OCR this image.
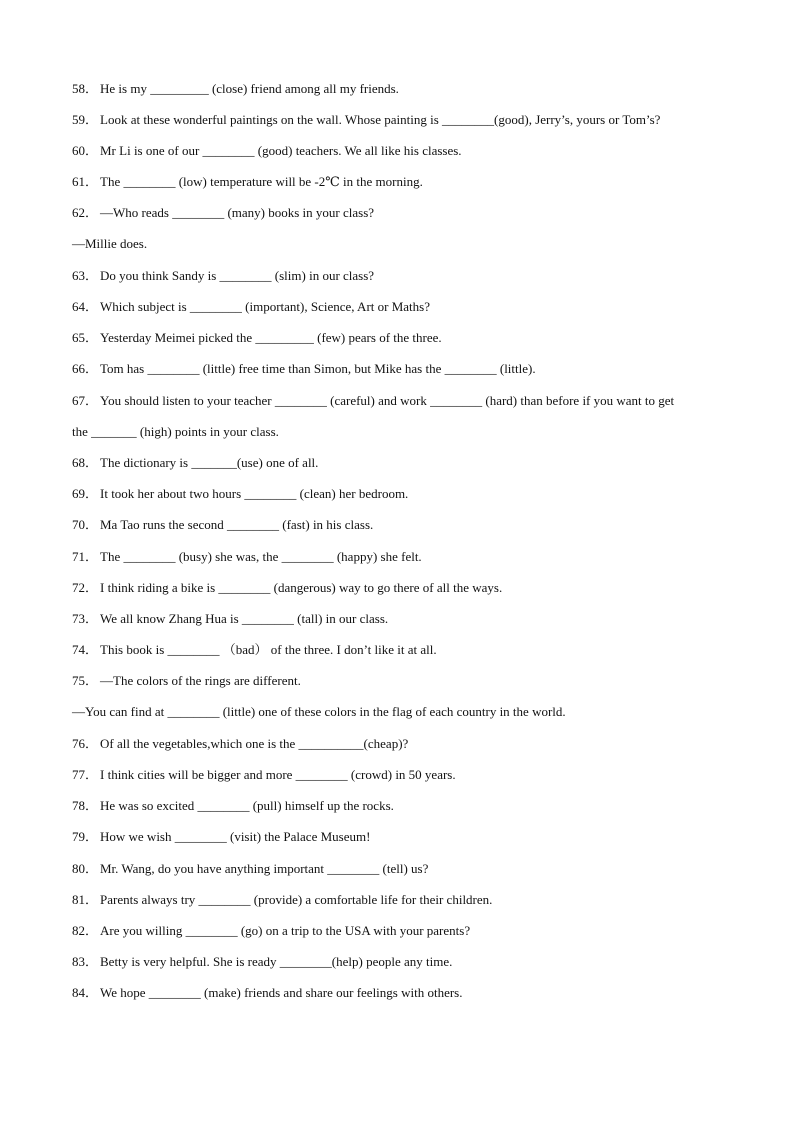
58． He is my _________ (close) friend among all my friends.
59． Look at these wonderful paintings on the wall. Whose painting is ________(good), Jerry’s, yours or Tom’s?
60． Mr Li is one of our ________ (good) teachers. We all like his classes.
61． The ________ (low) temperature will be -2℃ in the morning.
62． —Who reads ________ (many) books in your class?
—Millie does.
63． Do you think Sandy is ________ (slim) in our class?
64． Which subject is ________ (important), Science, Art or Maths?
65． Yesterday Meimei picked the _________ (few) pears of the three.
66． Tom has ________ (little) free time than Simon, but Mike has the ________ (little).
67． You should listen to your teacher ________ (careful) and work ________ (hard) than before if you want to get
the _______ (high) points in your class.
68． The dictionary is _______(use) one of all.
69． It took her about two hours ________ (clean) her bedroom.
70． Ma Tao runs the second ________ (fast) in his class.
71． The ________ (busy) she was, the ________ (happy) she felt.
72． I think riding a bike is ________ (dangerous) way to go there of all the ways.
73． We all know Zhang Hua is ________ (tall) in our class.
74． This book is ________ （bad） of the three. I don’t like it at all.
75． —The colors of the rings are different.
—You can find at ________ (little) one of these colors in the flag of each country in the world.
76． Of all the vegetables,which one is the __________(cheap)?
77． I think cities will be bigger and more ________ (crowd) in 50 years.
78． He was so excited ________ (pull) himself up the rocks.
79． How we wish ________ (visit) the Palace Museum!
80． Mr. Wang, do you have anything important ________ (tell) us?
81． Parents always try ________ (provide) a comfortable life for their children.
82． Are you willing ________ (go) on a trip to the USA with your parents?
83． Betty is very helpful. She is ready ________(help) people any time.
84． We hope ________ (make) friends and share our feelings with others.
